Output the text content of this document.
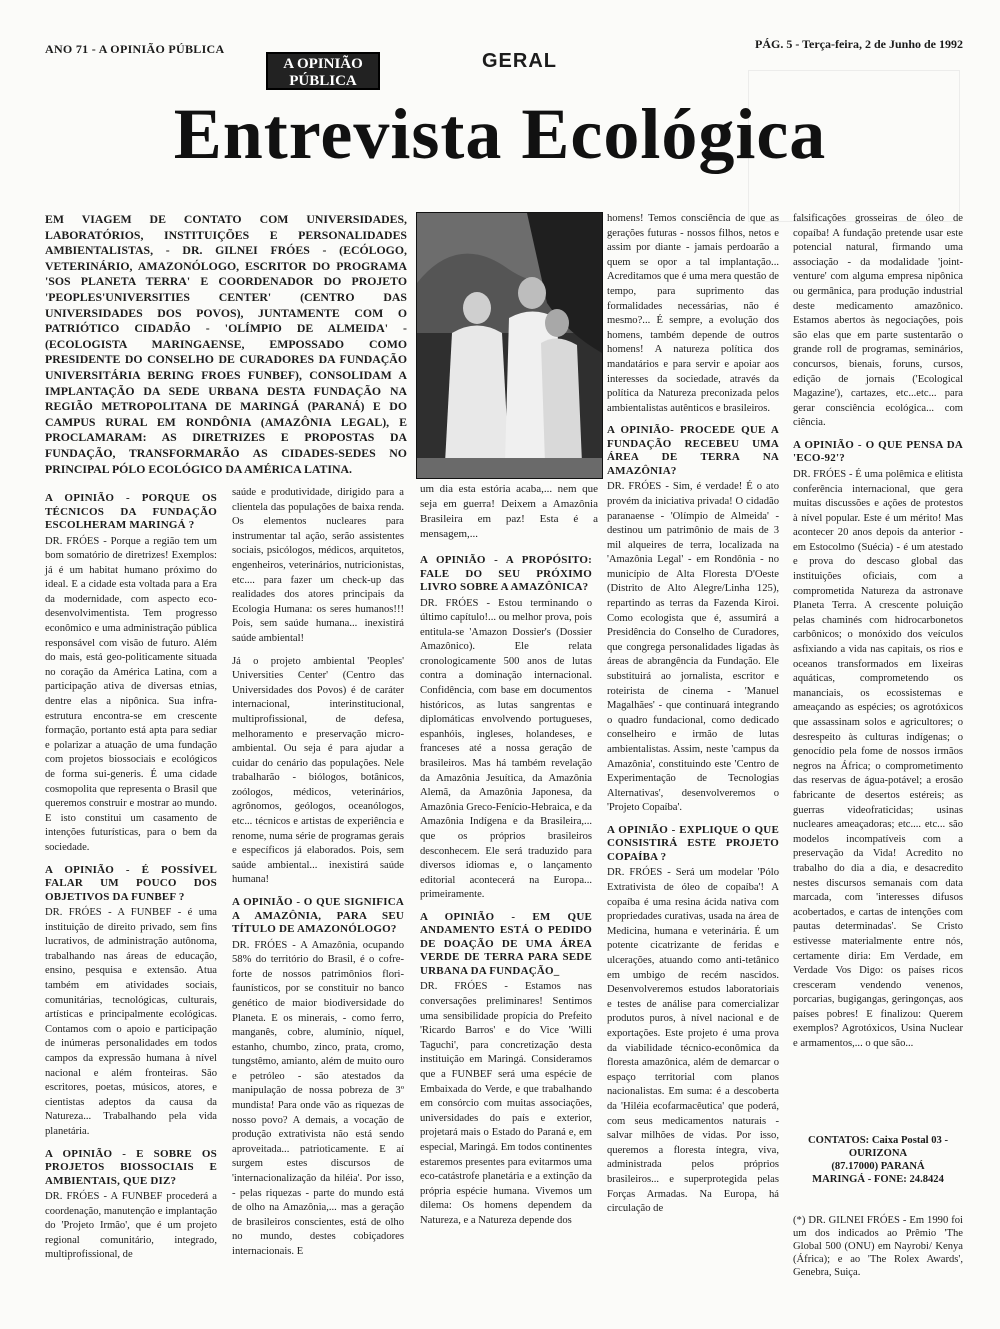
ANO 71 - A OPINIÃO PÚBLICA
A OPINIÃO
PÚBLICA
GERAL
PÁG. 5 - Terça-feira, 2 de Junho de 1992
Entrevista Ecológica
EM VIAGEM DE CONTATO COM UNIVERSIDADES, LABORATÓRIOS, INSTITUIÇÕES E PERSONALIDADES AMBIENTALISTAS, - DR. GILNEI FRÓES - (ECÓLOGO, VETERINÁRIO, AMAZONÓLOGO, ESCRITOR DO PROGRAMA 'SOS PLANETA TERRA' E COORDENADOR DO PROJETO 'PEOPLES'UNIVERSITIES CENTER' (CENTRO DAS UNIVERSIDADES DOS POVOS), JUNTAMENTE COM O PATRIÓTICO CIDADÃO - 'OLÍMPIO DE ALMEIDA' - (ECOLOGISTA MARINGAENSE, EMPOSSADO COMO PRESIDENTE DO CONSELHO DE CURADORES DA FUNDAÇÃO UNIVERSITÁRIA BERING FROES FUNBEF), CONSOLIDAM A IMPLANTAÇÃO DA SEDE URBANA DESTA FUNDAÇÃO NA REGIÃO METROPOLITANA DE MARINGÁ (PARANÁ) E DO CAMPUS RURAL EM RONDÔNIA (AMAZÔNIA LEGAL), E PROCLAMARAM: AS DIRETRIZES E PROPOSTAS DA FUNDAÇÃO, TRANSFORMARÃO AS CIDADES-SEDES NO PRINCIPAL PÓLO ECOLÓGICO DA AMÉRICA LATINA.
um dia esta estória acaba,... nem que seja em guerra! Deixem a Amazônia Brasileira em paz! Esta é a mensagem,...
A OPINIÃO - PORQUE OS TÉCNICOS DA FUNDAÇÃO ESCOLHERAM MARINGÁ ?

DR. FRÓES - Porque a região tem um bom somatório de diretrizes! Exemplos: já é um habitat humano próximo do ideal. E a cidade esta voltada para a Era da modernidade, com aspecto eco-desenvolvimentista. Tem progresso econômico e uma administração pública responsável com visão de futuro. Além do mais, está geo-politicamente situada no coração da América Latina, com a participação ativa de diversas etnias, dentre elas a nipônica. Sua infra-estrutura encontra-se em crescente formação, portanto está apta para sediar e polarizar a atuação de uma fundação com projetos biossociais e ecológicos de forma sui-generis. É uma cidade cosmopolita que representa o Brasil que queremos construir e mostrar ao mundo. E isto constitui um casamento de intenções futurísticas, para o bem da sociedade.

A OPINIÃO - É POSSÍVEL FALAR UM POUCO DOS OBJETIVOS DA FUNBEF ?

DR. FRÓES - A FUNBEF - é uma instituição de direito privado, sem fins lucrativos, de administração autônoma, trabalhando nas áreas de educação, ensino, pesquisa e extensão. Atua também em atividades sociais, comunitárias, tecnológicas, culturais, artísticas e principalmente ecológicas. Contamos com o apoio e participação de inúmeras personalidades em todos campos da expressão humana à nível nacional e além fronteiras. São escritores, poetas, músicos, atores, e cientistas adeptos da causa da Natureza... Trabalhando pela vida planetária.

A OPINIÃO - E SOBRE OS PROJETOS BIOSSOCIAIS E AMBIENTAIS, QUE DIZ?

DR. FRÓES - A FUNBEF procederá a coordenação, manutenção e implantação do 'Projeto Irmão', que é um projeto regional comunitário, integrado, multiprofissional, de

saúde e produtividade, dirigido para a clientela das populações de baixa renda. Os elementos nucleares para instrumentar tal ação, serão assistentes sociais, psicólogos, médicos, arquitetos, engenheiros, veterinários, nutricionistas, etc.... para fazer um check-up das realidades dos atores principais da Ecologia Humana: os seres humanos!!! Pois, sem saúde humana... inexistirá saúde ambiental!

Já o projeto ambiental 'Peoples' Universities Center' (Centro das Universidades dos Povos) é de caráter internacional, interinstitucional, multiprofissional, de defesa, melhoramento e preservação micro-ambiental. Ou seja é para ajudar a cuidar do cenário das populações. Nele trabalharão - biólogos, botânicos, zoólogos, médicos, veterinários, agrônomos, geólogos, oceanólogos, etc... técnicos e artistas de experiência e renome, numa série de programas gerais e específicos já elaborados. Pois, sem saúde ambiental... inexistirá saúde humana!

A OPINIÃO - O QUE SIGNIFICA A AMAZÔNIA, PARA SEU TÍTULO DE AMAZONÓLOGO?

DR. FRÓES - A Amazônia, ocupando 58% do território do Brasil, é o cofre-forte de nossos patrimônios flori-faunísticos, por se constituir no banco genético de maior biodiversidade do Planeta. E os minerais, - como ferro, manganês, cobre, alumínio, níquel, estanho, chumbo, zinco, prata, cromo, tungstêmo, amianto, além de muito ouro e petróleo - são atestados da manipulação de nossa pobreza de 3º mundista! Para onde vão as riquezas de nosso povo? A demais, a vocação de produção extrativista não está sendo aproveitada... patrioticamente. E aí surgem estes discursos de 'internacionalização da hiléia'. Por isso, - pelas riquezas - parte do mundo está de olho na Amazônia,... mas a geração de brasileiros conscientes, está de olho no mundo, destes cobiçadores internacionais. E

A OPINIÃO - A PROPÓSITO: FALE DO SEU PRÓXIMO LIVRO SOBRE A AMAZÔNICA?

DR. FRÓES - Estou terminando o último capítulo!... ou melhor prova, pois entitula-se 'Amazon Dossier's (Dossier Amazônico). Ele relata cronologicamente 500 anos de lutas contra a dominação internacional. Confidência, com base em documentos históricos, as lutas sangrentas e diplomáticas envolvendo portugueses, espanhóis, ingleses, holandeses, e franceses até a nossa geração de brasileiros. Mas há também revelação da Amazônia Jesuítica, da Amazônia Alemã, da Amazônia Japonesa, da Amazônia Greco-Fenício-Hebraica, e da Amazônia Indígena e da Brasileira,... que os próprios brasileiros desconhecem. Ele será traduzido para diversos idiomas e, o lançamento editorial acontecerá na Europa... primeiramente.

A OPINIÃO - EM QUE ANDAMENTO ESTÁ O PEDIDO DE DOAÇÃO DE UMA ÁREA VERDE DE TERRA PARA SEDE URBANA DA FUNDAÇÃO_

DR. FRÓES - Estamos nas conversações preliminares! Sentimos uma sensibilidade propícia do Prefeito 'Ricardo Barros' e do Vice 'Willi Taguchi', para concretização desta instituição em Maringá. Consideramos que a FUNBEF será uma espécie de Embaixada do Verde, e que trabalhando em consórcio com muitas associações, universidades do país e exterior, projetará mais o Estado do Paraná e, em especial, Maringá. Em todos continentes estaremos presentes para evitarmos uma eco-catástrofe planetária e a extinção da própria espécie humana. Vivemos um dilema: Os homens dependem da Natureza, e a Natureza depende dos

homens! Temos consciência de que as gerações futuras - nossos filhos, netos e assim por diante - jamais perdoarão a quem se opor a tal implantação... Acreditamos que é uma mera questão de tempo, para suprimento das formalidades necessárias, não é mesmo?... É sempre, a evolução dos homens, também depende de outros homens! A natureza política dos mandatários e para servir e apoiar aos interesses da sociedade, através da política da Natureza preconizada pelos ambientalistas autênticos e brasileiros.

A OPINIÃO- PROCEDE QUE A FUNDAÇÃO RECEBEU UMA ÁREA DE TERRA NA AMAZÔNIA?

DR. FRÓES - Sim, é verdade! É o ato provém da iniciativa privada! O cidadão paranaense - 'Olímpio de Almeida' - destinou um patrimônio de mais de 3 mil alqueires de terra, localizada na 'Amazônia Legal' - em Rondônia - no município de Alta Floresta D'Oeste (Distrito de Alto Alegre/Linha 125), repartindo as terras da Fazenda Kiroi. Como ecologista que é, assumirá a Presidência do Conselho de Curadores, que congrega personalidades ligadas às áreas de abrangência da Fundação. Ele substituirá ao jornalista, escritor e roteirista de cinema - 'Manuel Magalhães' - que continuará integrando o quadro fundacional, como dedicado conselheiro e irmão de lutas ambientalistas. Assim, neste 'campus da Amazônia', constituindo este 'Centro de Experimentação de Tecnologias Alternativas', desenvolveremos o 'Projeto Copaíba'.

A OPINIÃO - EXPLIQUE O QUE CONSISTIRÁ ESTE PROJETO COPAÍBA ?

DR. FRÓES - Será um modelar 'Pólo Extrativista de óleo de copaíba'! A copaíba é uma resina ácida nativa com propriedades curativas, usada na área de Medicina, humana e veterinária. É um potente cicatrizante de feridas e ulcerações, atuando como anti-tetânico em umbigo de recém nascidos. Desenvolveremos estudos laboratoriais e testes de análise para comercializar produtos puros, à nível nacional e de exportações. Este projeto é uma prova da viabilidade técnico-econômica da floresta amazônica, além de demarcar o espaço territorial com planos nacionalistas. Em suma: é a descoberta da 'Hiléia ecofarmacêutica' que poderá, com seus medicamentos naturais - salvar milhões de vidas. Por isso, queremos a floresta íntegra, viva, administrada pelos próprios brasileiros... e superprotegida pelas Forças Armadas. Na Europa, há circulação de

falsificações grosseiras de óleo de copaíba! A fundação pretende usar este potencial natural, firmando uma associação - da modalidade 'joint-venture' com alguma empresa nipônica ou germânica, para produção industrial deste medicamento amazônico. Estamos abertos às negociações, pois são elas que em parte sustentarão o grande roll de programas, seminários, concursos, bienais, foruns, cursos, edição de jornais ('Ecological Magazine'), cartazes, etc...etc... para gerar consciência ecológica... com ciência.

A OPINIÃO - O QUE PENSA DA 'ECO-92'?

DR. FRÓES - É uma polêmica e elitista conferência internacional, que gera muitas discussões e ações de protestos à nível popular. Este é um mérito! Mas acontecer 20 anos depois da anterior - em Estocolmo (Suécia) - é um atestado e prova do descaso global das instituições oficiais, com a comprometida Natureza da astronave Planeta Terra. A crescente poluição pelas chaminés com hidrocarbonetos carbônicos; o monóxido dos veículos asfixiando a vida nas capitais, os rios e oceanos transformados em lixeiras aquáticas, comprometendo os mananciais, os ecossistemas e ameaçando as espécies; os agrotóxicos que assassinam solos e agricultores; o desrespeito às culturas indígenas; o genocídio pela fome de nossos irmãos negros na África; o comprometimento das reservas de água-potável; a erosão fabricante de desertos estéreis; as guerras videofraticidas; usinas nucleares ameaçadoras; etc.... etc... são modelos incompatíveis com a preservação da Vida! Acredito no trabalho do dia a dia, e desacredito nestes discursos semanais com data marcada, com 'interesses difusos acobertados, e cartas de intenções com pautas determinadas'. Se Cristo estivesse materialmente entre nós, certamente diria: Em Verdade, em Verdade Vos Digo: os países ricos cresceram vendendo venenos, porcarias, bugigangas, geringonças, aos países pobres! E finalizou: Querem exemplos? Agrotóxicos, Usina Nuclear e armamentos,... o que são...

CONTATOS: Caixa Postal 03 - OURIZONA
(87.17000) PARANÁ
MARINGÁ - FONE: 24.8424
(*) DR. GILNEI FRÓES - Em 1990 foi um dos indicados ao Prêmio 'The Global 500 (ONU) em Nayrobi/ Kenya (África); e ao 'The Rolex Awards', Genebra, Suiça.
